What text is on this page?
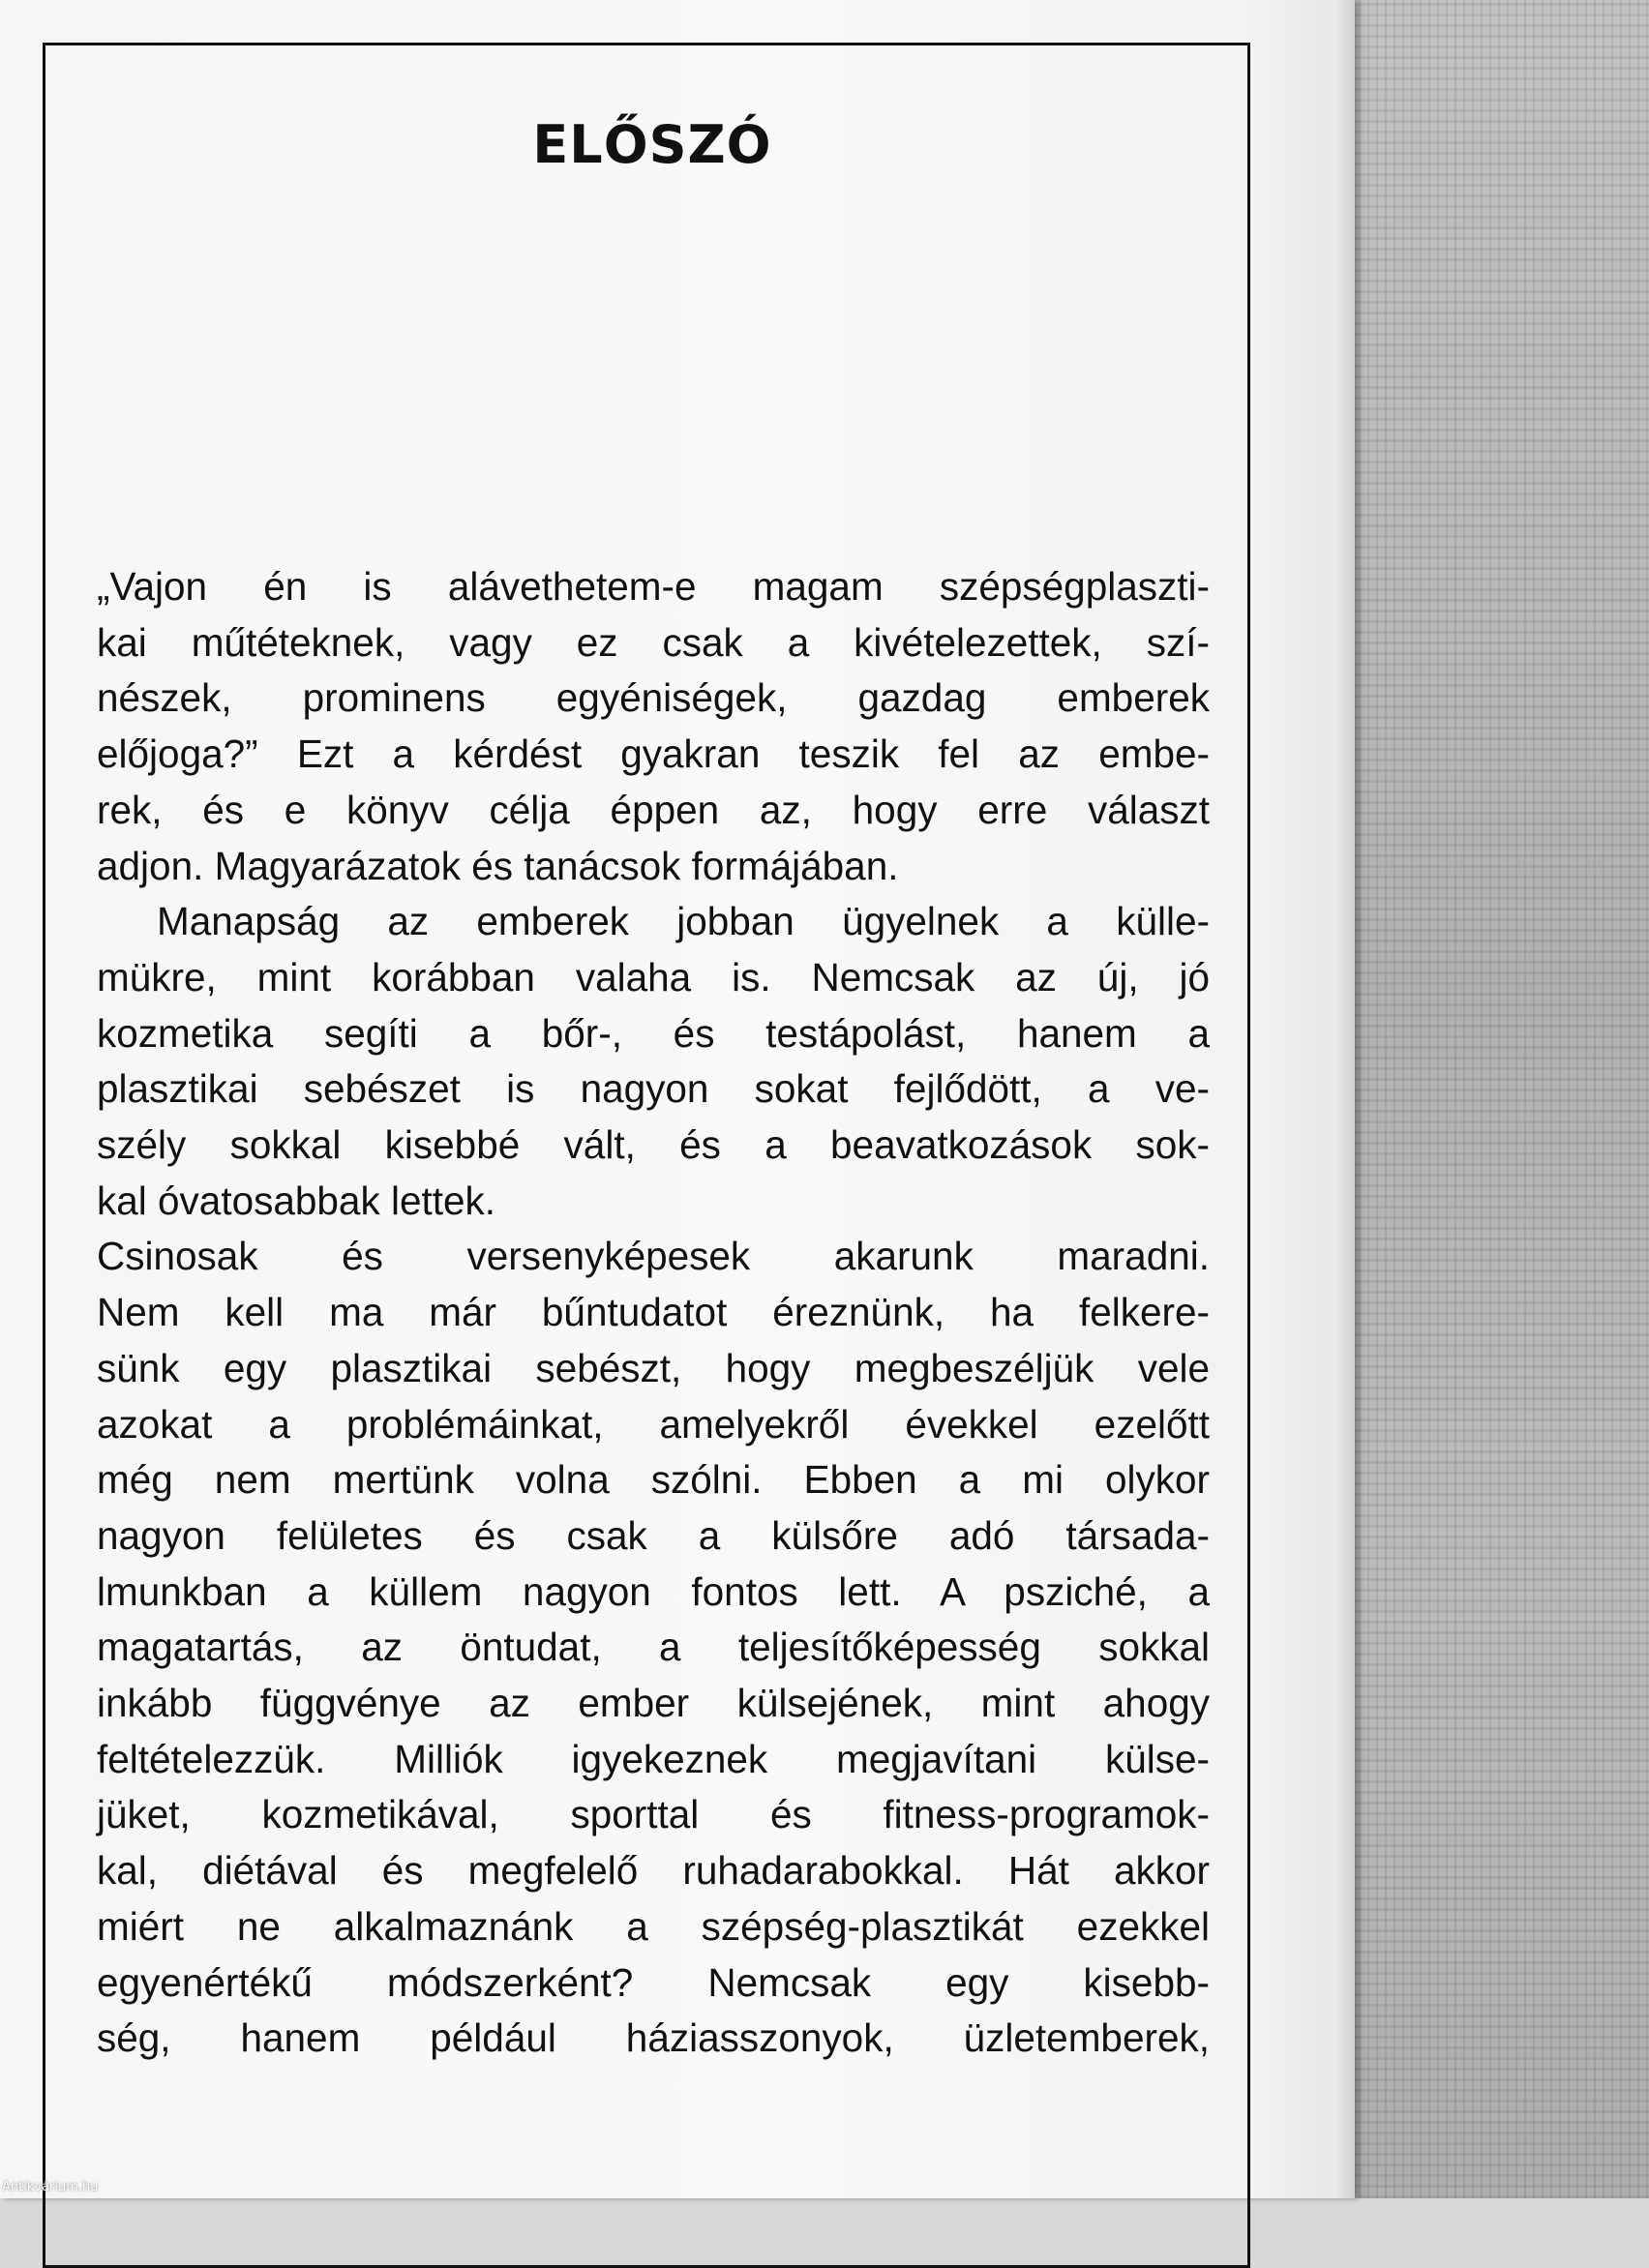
ELŐSZÓ
„Vajon én is alávethetem-e magam szépségplaszti-
kai műtéteknek, vagy ez csak a kivételezettek, szí-
nészek, prominens egyéniségek, gazdag emberek
előjoga?” Ezt a kérdést gyakran teszik fel az embe-
rek, és e könyv célja éppen az, hogy erre választ
adjon. Magyarázatok és tanácsok formájában.
Manapság az emberek jobban ügyelnek a külle-
mükre, mint korábban valaha is. Nemcsak az új, jó
kozmetika segíti a bőr-, és testápolást, hanem a
plasztikai sebészet is nagyon sokat fejlődött, a ve-
szély sokkal kisebbé vált, és a beavatkozások sok-
kal óvatosabbak lettek.
Csinosak és versenyképesek akarunk maradni.
Nem kell ma már bűntudatot éreznünk, ha felkere-
sünk egy plasztikai sebészt, hogy megbeszéljük vele
azokat a problémáinkat, amelyekről évekkel ezelőtt
még nem mertünk volna szólni. Ebben a mi olykor
nagyon felületes és csak a külsőre adó társada-
lmunkban a küllem nagyon fontos lett. A psziché, a
magatartás, az öntudat, a teljesítőképesség sokkal
inkább függvénye az ember külsejének, mint ahogy
feltételezzük. Milliók igyekeznek megjavítani külse-
jüket, kozmetikával, sporttal és fitness-programok-
kal, diétával és megfelelő ruhadarabokkal. Hát akkor
miért ne alkalmaznánk a szépség-plasztikát ezekkel
egyenértékű módszerként? Nemcsak egy kisebb-
ség, hanem például háziasszonyok, üzletemberek,
Antikvárium.hu
